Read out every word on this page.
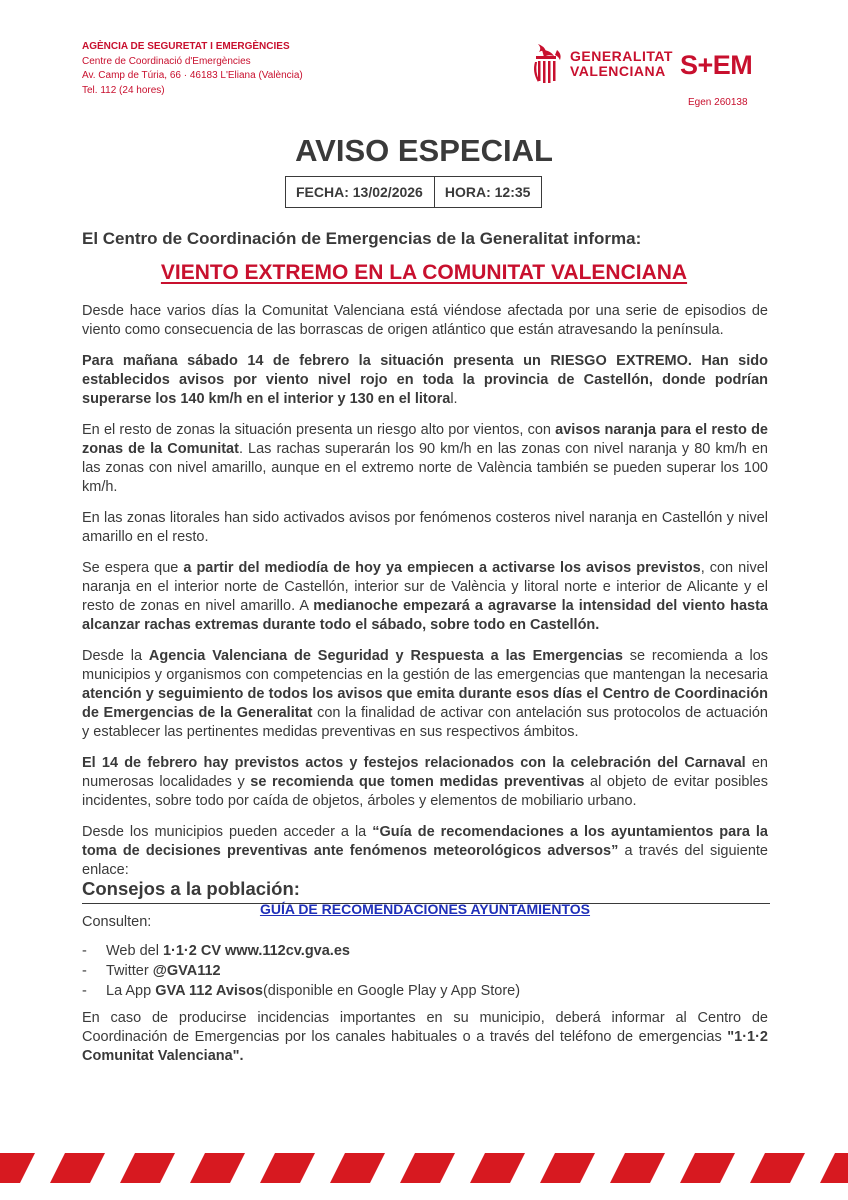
AGÈNCIA DE SEGURETAT I EMERGÈNCIES
Centre de Coordinació d'Emergències
Av. Camp de Túria, 66 · 46183 L'Eliana (València)
Tel. 112 (24 hores)
GENERALITAT
VALENCIANA S+EM
Egen 260138
AVISO ESPECIAL
FECHA: 13/02/2026	HORA: 12:35
El Centro de Coordinación de Emergencias de la Generalitat informa:
VIENTO EXTREMO EN LA COMUNITAT VALENCIANA

Desde hace varios días la Comunitat Valenciana está viéndose afectada por una serie de episodios de viento como consecuencia de las borrascas de origen atlántico que están atravesando la península.

Para mañana sábado 14 de febrero la situación presenta un RIESGO EXTREMO. Han sido establecidos avisos por viento nivel rojo en toda la provincia de Castellón, donde podrían superarse los 140 km/h en el interior y 130 en el litoral.

En el resto de zonas la situación presenta un riesgo alto por vientos, con avisos naranja para el resto de zonas de la Comunitat. Las rachas superarán los 90 km/h en las zonas con nivel naranja y 80 km/h en las zonas con nivel amarillo, aunque en el extremo norte de València también se pueden superar los 100 km/h.

En las zonas litorales han sido activados avisos por fenómenos costeros nivel naranja en Castellón y nivel amarillo en el resto.

Se espera que a partir del mediodía de hoy ya empiecen a activarse los avisos previstos, con nivel naranja en el interior norte de Castellón, interior sur de València y litoral norte e interior de Alicante y el resto de zonas en nivel amarillo. A medianoche empezará a agravarse la intensidad del viento hasta alcanzar rachas extremas durante todo el sábado, sobre todo en Castellón.

Desde la Agencia Valenciana de Seguridad y Respuesta a las Emergencias se recomienda a los municipios y organismos con competencias en la gestión de las emergencias que mantengan la necesaria atención y seguimiento de todos los avisos que emita durante esos días el Centro de Coordinación de Emergencias de la Generalitat con la finalidad de activar con antelación sus protocolos de actuación y establecer las pertinentes medidas preventivas en sus respectivos ámbitos.

El 14 de febrero hay previstos actos y festejos relacionados con la celebración del Carnaval en numerosas localidades y se recomienda que tomen medidas preventivas al objeto de evitar posibles incidentes, sobre todo por caída de objetos, árboles y elementos de mobiliario urbano.

Desde los municipios pueden acceder a la “Guía de recomendaciones a los ayuntamientos para la toma de decisiones preventivas ante fenómenos meteorológicos adversos” a través del siguiente enlace:

GUÍA DE RECOMENDACIONES AYUNTAMIENTOS

Consejos a la población:
Consulten:
-	Web del
1·1·2 CV www.112cv.gva.es
-	Twitter
@GVA112
-	La App
GVA 112 Avisos (disponible en Google Play y App Store)

En caso de producirse incidencias importantes en su municipio, deberá informar al Centro de Coordinación de Emergencias por los canales habituales o a través del teléfono de emergencias "1·1·2 Comunitat Valenciana".
